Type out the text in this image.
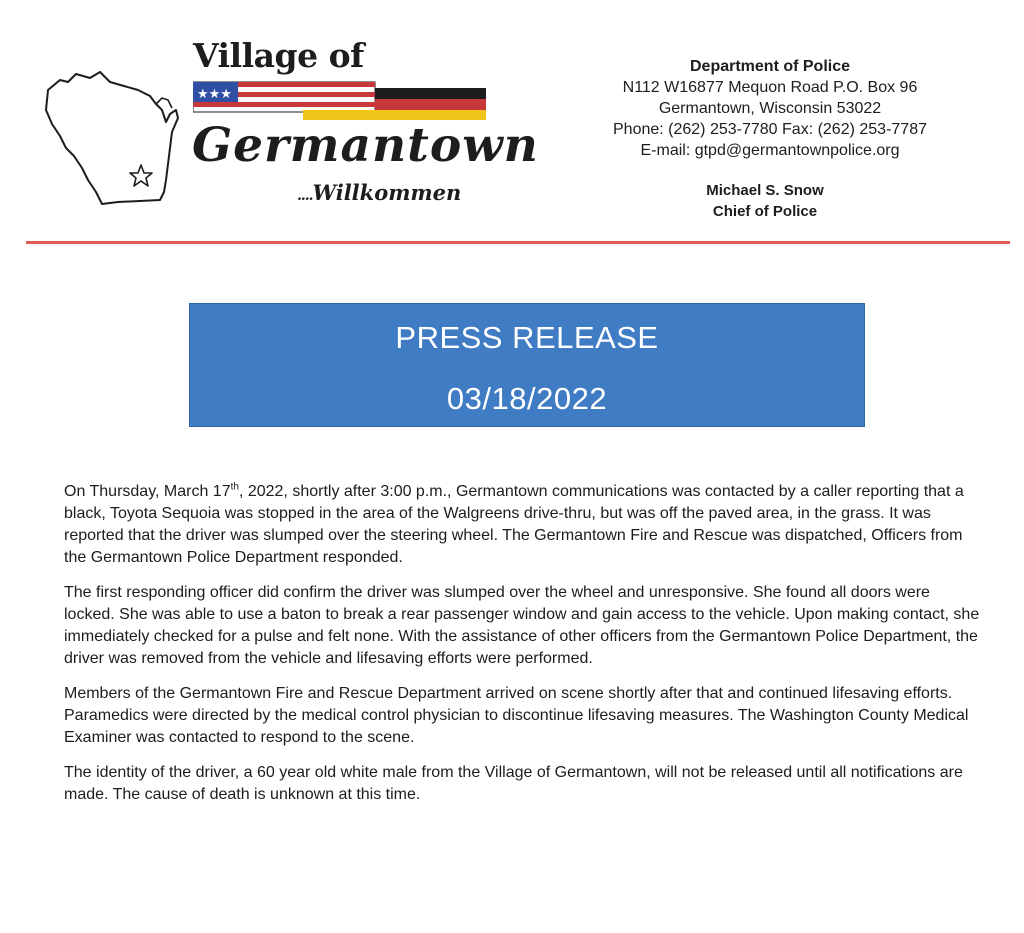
Village of
★★★
Germantown
....Willkommen
Department of Police
N112 W16877 Mequon Road P.O. Box 96
Germantown, Wisconsin 53022
Phone: (262) 253-7780 Fax: (262) 253-7787
E-mail: gtpd@germantownpolice.org
Michael S. Snow
Chief of Police
PRESS RELEASE
03/18/2022

On Thursday, March 17th, 2022, shortly after 3:00 p.m., Germantown communications was contacted by a caller reporting that a black, Toyota Sequoia was stopped in the area of the Walgreens drive-thru, but was off the paved area, in the grass. It was reported that the driver was slumped over the steering wheel. The Germantown Fire and Rescue was dispatched, Officers from the Germantown Police Department responded.

The first responding officer did confirm the driver was slumped over the wheel and unresponsive. She found all doors were locked. She was able to use a baton to break a rear passenger window and gain access to the vehicle. Upon making contact, she immediately checked for a pulse and felt none. With the assistance of other officers from the Germantown Police Department, the driver was removed from the vehicle and lifesaving efforts were performed.

Members of the Germantown Fire and Rescue Department arrived on scene shortly after that and continued lifesaving efforts. Paramedics were directed by the medical control physician to discontinue lifesaving measures. The Washington County Medical Examiner was contacted to respond to the scene.

The identity of the driver, a 60 year old white male from the Village of Germantown, will not be released until all notifications are made. The cause of death is unknown at this time.
